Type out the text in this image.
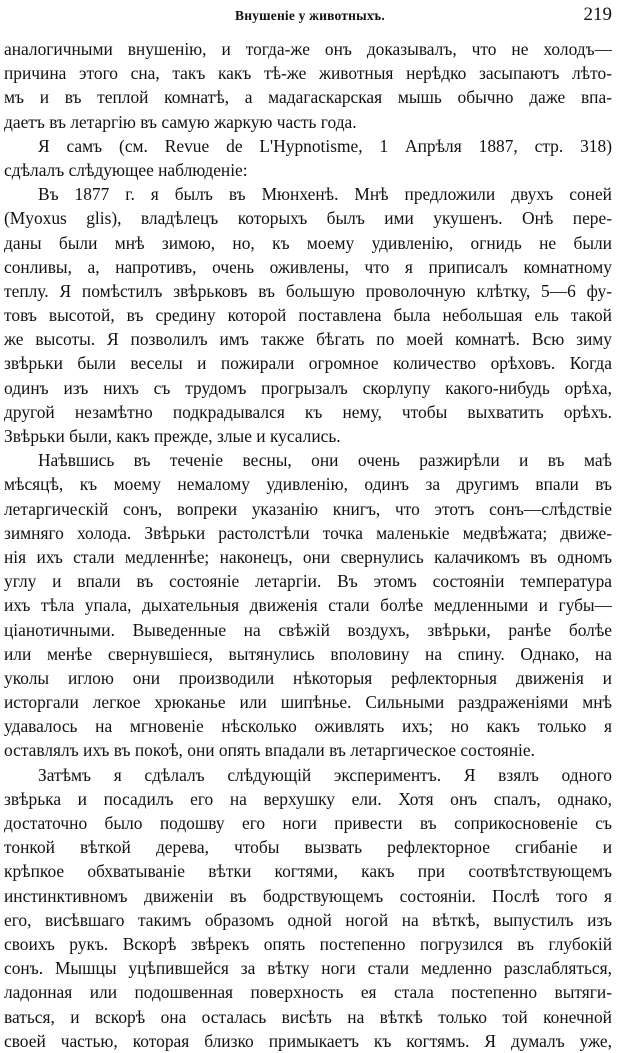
Внушеніе у животныхъ.	219
аналогичными внушенію, и тогда-же онъ доказывалъ, что не холодъ—
причина этого сна, такъ какъ тѣ-же животныя нерѣдко засыпаютъ лѣто-
мъ и въ теплой комнатѣ, а мадагаскарская мышь обычно даже впа-
даетъ въ летаргію въ самую жаркую часть года.
Я самъ (см. Revue de L'Hypnotisme, 1 Апрѣля 1887, стр. 318)
сдѣлалъ слѣдующее наблюденіе:
Въ 1877 г. я былъ въ Мюнхенѣ. Мнѣ предложили двухъ соней
(Myoxus glis), владѣлецъ которыхъ былъ ими укушенъ. Онѣ пере-
даны были мнѣ зимою, но, къ моему удивленію, огнидь не были
сонливы, а, напротивъ, очень оживлены, что я приписалъ комнатному
теплу. Я помѣстилъ звѣрьковъ въ большую проволочную клѣтку, 5—6 фу-
товъ высотой, въ средину которой поставлена была небольшая ель такой
же высоты. Я позволилъ имъ также бѣгать по моей комнатѣ. Всю зиму
звѣрьки были веселы и пожирали огромное количество орѣховъ. Когда
одинъ изъ нихъ съ трудомъ прогрызалъ скорлупу какого-нибудь орѣха,
другой незамѣтно подкрадывался къ нему, чтобы выхватить орѣхъ.
Звѣрьки были, какъ прежде, злые и кусались.
Наѣвшись въ теченіе весны, они очень разжирѣли и въ маѣ
мѣсяцѣ, къ моему немалому удивленію, одинъ за другимъ впали въ
летаргическій сонъ, вопреки указанію книгъ, что этотъ сонъ—слѣдствіе
зимняго холода. Звѣрьки растолстѣли точка маленькіе медвѣжата; движе-
нія ихъ стали медленнѣе; наконецъ, они свернулись калачикомъ въ одномъ
углу и впали въ состояніе летаргіи. Въ этомъ состояніи температура
ихъ тѣла упала, дыхательныя движенія стали болѣе медленными и губы—
ціанотичными. Выведенные на свѣжій воздухъ, звѣрьки, ранѣе болѣе
или менѣе свернувшіеся, вытянулись вполовину на спину. Однако, на
уколы иглою они производили нѣкоторыя рефлекторныя движенія и
исторгали легкое хрюканье или шипѣнье. Сильными раздраженіями мнѣ
удавалось на мгновеніе нѣсколько оживлять ихъ; но какъ только я
оставлялъ ихъ въ покоѣ, они опять впадали въ летаргическое состояніе.
Затѣмъ я сдѣлалъ слѣдующій экспериментъ. Я взялъ одного
звѣрька и посадилъ его на верхушку ели. Хотя онъ спалъ, однако,
достаточно было подошву его ноги привести въ соприкосновеніе съ
тонкой вѣткой дерева, чтобы вызвать рефлекторное сгибаніе и
крѣпкое обхватываніе вѣтки когтями, какъ при соотвѣтствующемъ
инстинктивномъ движеніи въ бодрствующемъ состояніи. Послѣ того я
его, висѣвшаго такимъ образомъ одной ногой на вѣткѣ, выпустилъ изъ
своихъ рукъ. Вскорѣ звѣрекъ опять постепенно погрузился въ глубокій
сонъ. Мышцы уцѣпившейся за вѣтку ноги стали медленно разслабляться,
ладонная или подошвенная поверхность ея стала постепенно вытяги-
ваться, и вскорѣ она осталась висѣть на вѣткѣ только той конечной
своей частью, которая близко примыкаетъ къ когтямъ. Я думалъ уже,
